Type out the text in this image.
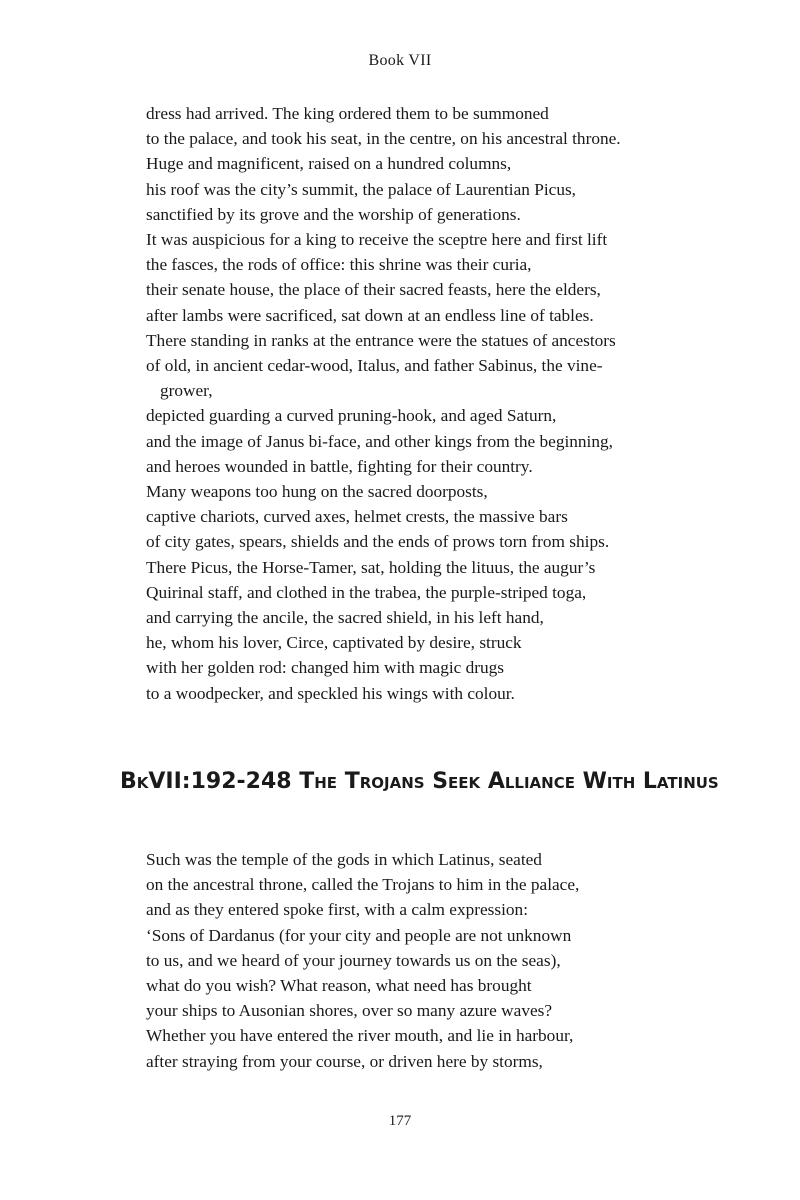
Book VII
dress had arrived. The king ordered them to be summoned
to the palace, and took his seat, in the centre, on his ancestral throne.
Huge and magnificent, raised on a hundred columns,
his roof was the city’s summit, the palace of Laurentian Picus,
sanctified by its grove and the worship of generations.
It was auspicious for a king to receive the sceptre here and first lift
the fasces, the rods of office: this shrine was their curia,
their senate house, the place of their sacred feasts, here the elders,
after lambs were sacrificed, sat down at an endless line of tables.
There standing in ranks at the entrance were the statues of ancestors
of old, in ancient cedar-wood, Italus, and father Sabinus, the vine-
grower,
depicted guarding a curved pruning-hook, and aged Saturn,
and the image of Janus bi-face, and other kings from the beginning,
and heroes wounded in battle, fighting for their country.
Many weapons too hung on the sacred doorposts,
captive chariots, curved axes, helmet crests, the massive bars
of city gates, spears, shields and the ends of prows torn from ships.
There Picus, the Horse-Tamer, sat, holding the lituus, the augur’s
Quirinal staff, and clothed in the trabea, the purple-striped toga,
and carrying the ancile, the sacred shield, in his left hand,
he, whom his lover, Circe, captivated by desire, struck
with her golden rod: changed him with magic drugs
to a woodpecker, and speckled his wings with colour.
BkVII:192-248 The Trojans Seek Alliance With Latinus
Such was the temple of the gods in which Latinus, seated
on the ancestral throne, called the Trojans to him in the palace,
and as they entered spoke first, with a calm expression:
‘Sons of Dardanus (for your city and people are not unknown
to us, and we heard of your journey towards us on the seas),
what do you wish? What reason, what need has brought
your ships to Ausonian shores, over so many azure waves?
Whether you have entered the river mouth, and lie in harbour,
after straying from your course, or driven here by storms,
177
